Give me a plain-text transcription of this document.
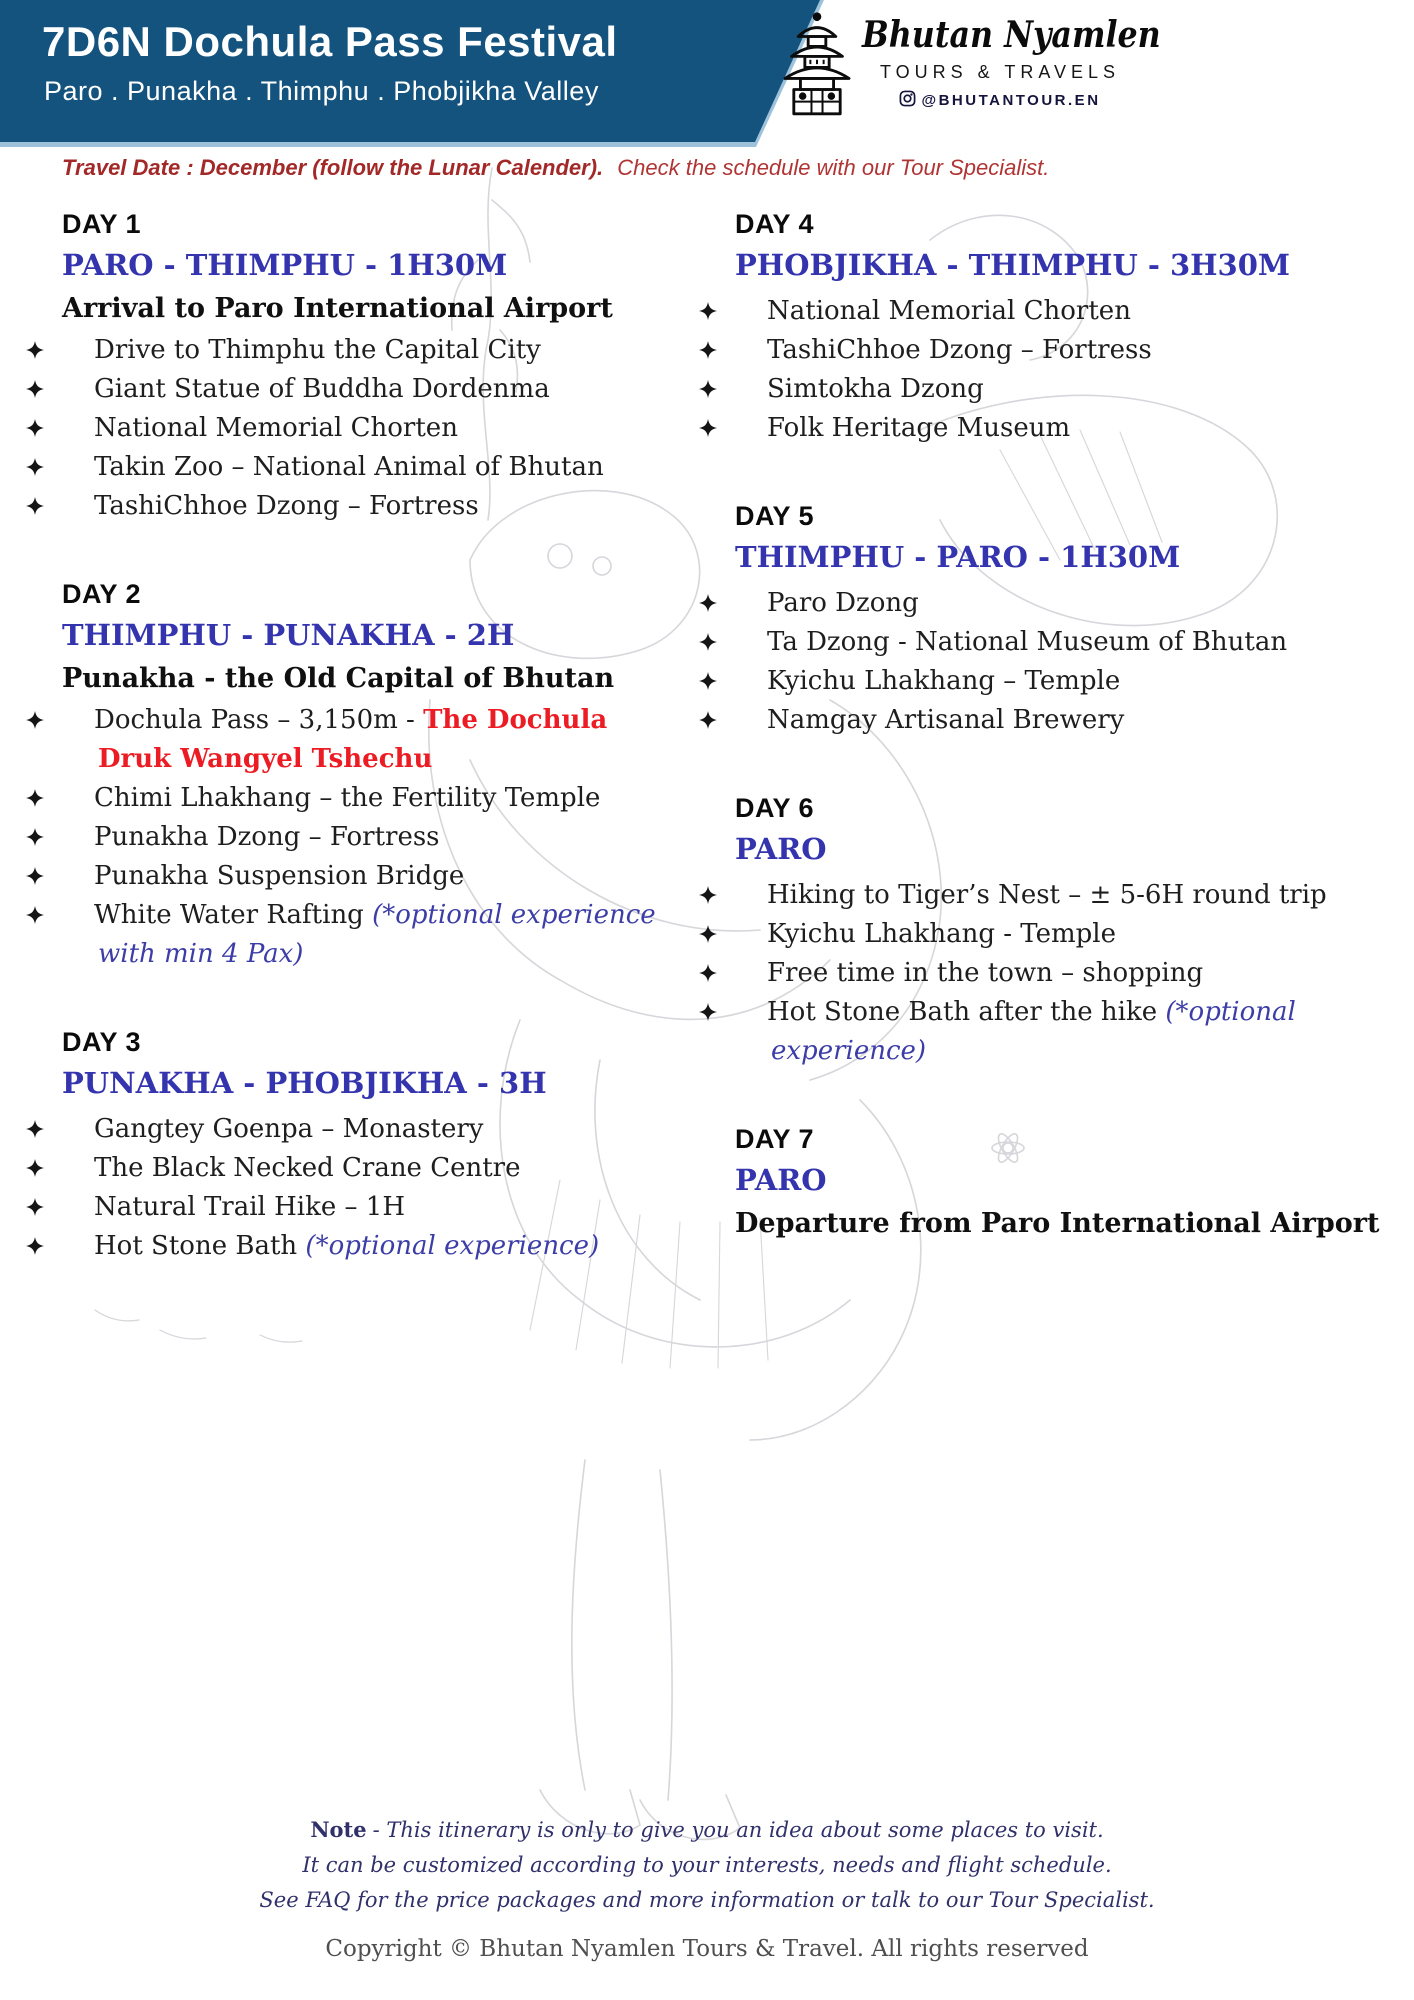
7D6N Dochula Pass Festival
Paro . Punakha . Thimphu . Phobjikha Valley
Bhutan Nyamlen
TOURS & TRAVELS
@BHUTANTOUR.EN
Travel Date : December (follow the Lunar Calender). Check the schedule with our Tour Specialist.
DAY 1
PARO - THIMPHU - 1H30M
Arrival to Paro International Airport
Drive to Thimphu the Capital City
Giant Statue of Buddha Dordenma
National Memorial Chorten
Takin Zoo – National Animal of Bhutan
TashiChhoe Dzong – Fortress
DAY 2
THIMPHU - PUNAKHA - 2H
Punakha - the Old Capital of Bhutan
Dochula Pass – 3,150m - The Dochula
Druk Wangyel Tshechu
Chimi Lhakhang – the Fertility Temple
Punakha Dzong – Fortress
Punakha Suspension Bridge
White Water Rafting (*optional experience
with min 4 Pax)
DAY 3
PUNAKHA - PHOBJIKHA - 3H
Gangtey Goenpa – Monastery
The Black Necked Crane Centre
Natural Trail Hike – 1H
Hot Stone Bath (*optional experience)
DAY 4
PHOBJIKHA - THIMPHU - 3H30M
National Memorial Chorten
TashiChhoe Dzong – Fortress
Simtokha Dzong
Folk Heritage Museum
DAY 5
THIMPHU - PARO - 1H30M
Paro Dzong
Ta Dzong - National Museum of Bhutan
Kyichu Lhakhang – Temple
Namgay Artisanal Brewery
DAY 6
PARO
Hiking to Tiger’s Nest – ± 5-6H round trip
Kyichu Lhakhang - Temple
Free time in the town – shopping
Hot Stone Bath after the hike (*optional
experience)
DAY 7
PARO
Departure from Paro International Airport
Note - This itinerary is only to give you an idea about some places to visit.
It can be customized according to your interests, needs and flight schedule.
See FAQ for the price packages and more information or talk to our Tour Specialist.
Copyright © Bhutan Nyamlen Tours & Travel. All rights reserved
